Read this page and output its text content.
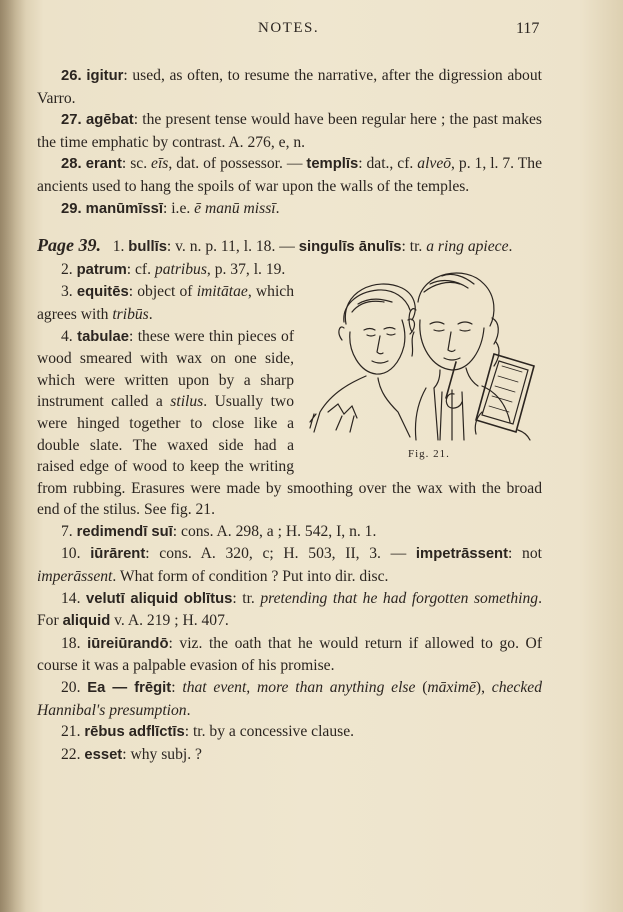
NOTES.	117

26. igitur: used, as often, to resume the narrative, after the digression about Varro.

27. agēbat: the present tense would have been regular here ; the past makes the time emphatic by contrast. A. 276, e, n.

28. erant: sc. eīs, dat. of possessor. — templīs: dat., cf. alveō, p. 1, l. 7. The ancients used to hang the spoils of war upon the walls of the temples.

29. manūmīssī: i.e. ē manū missī.

Page 39. 1. bullīs: v. n. p. 11, l. 18. — singulīs ānulīs: tr. a ring apiece.

Fig. 21.

2. patrum: cf. patribus, p. 37, l. 19.

3. equitēs: object of imitātae, which agrees with tribūs.

4. tabulae: these were thin pieces of wood smeared with wax on one side, which were written upon by a sharp instrument called a stilus. Usually two were hinged together to close like a double slate. The waxed side had a raised edge of wood to keep the writing from rubbing. Erasures were made by smoothing over the wax with the broad end of the stilus. See fig. 21.

7. redimendī suī: cons. A. 298, a ; H. 542, I, n. 1.

10. iūrārent: cons. A. 320, c; H. 503, II, 3. — impetrāssent: not imperāssent. What form of condition ? Put into dir. disc.

14. velutī aliquid oblītus: tr. pretending that he had forgotten something. For aliquid v. A. 219 ; H. 407.

18. iūreiūrandō: viz. the oath that he would return if allowed to go. Of course it was a palpable evasion of his promise.

20. Ea — frēgit: that event, more than anything else (māximē), checked Hannibal's presumption.

21. rēbus adflīctīs: tr. by a concessive clause.

22. esset: why subj. ?
